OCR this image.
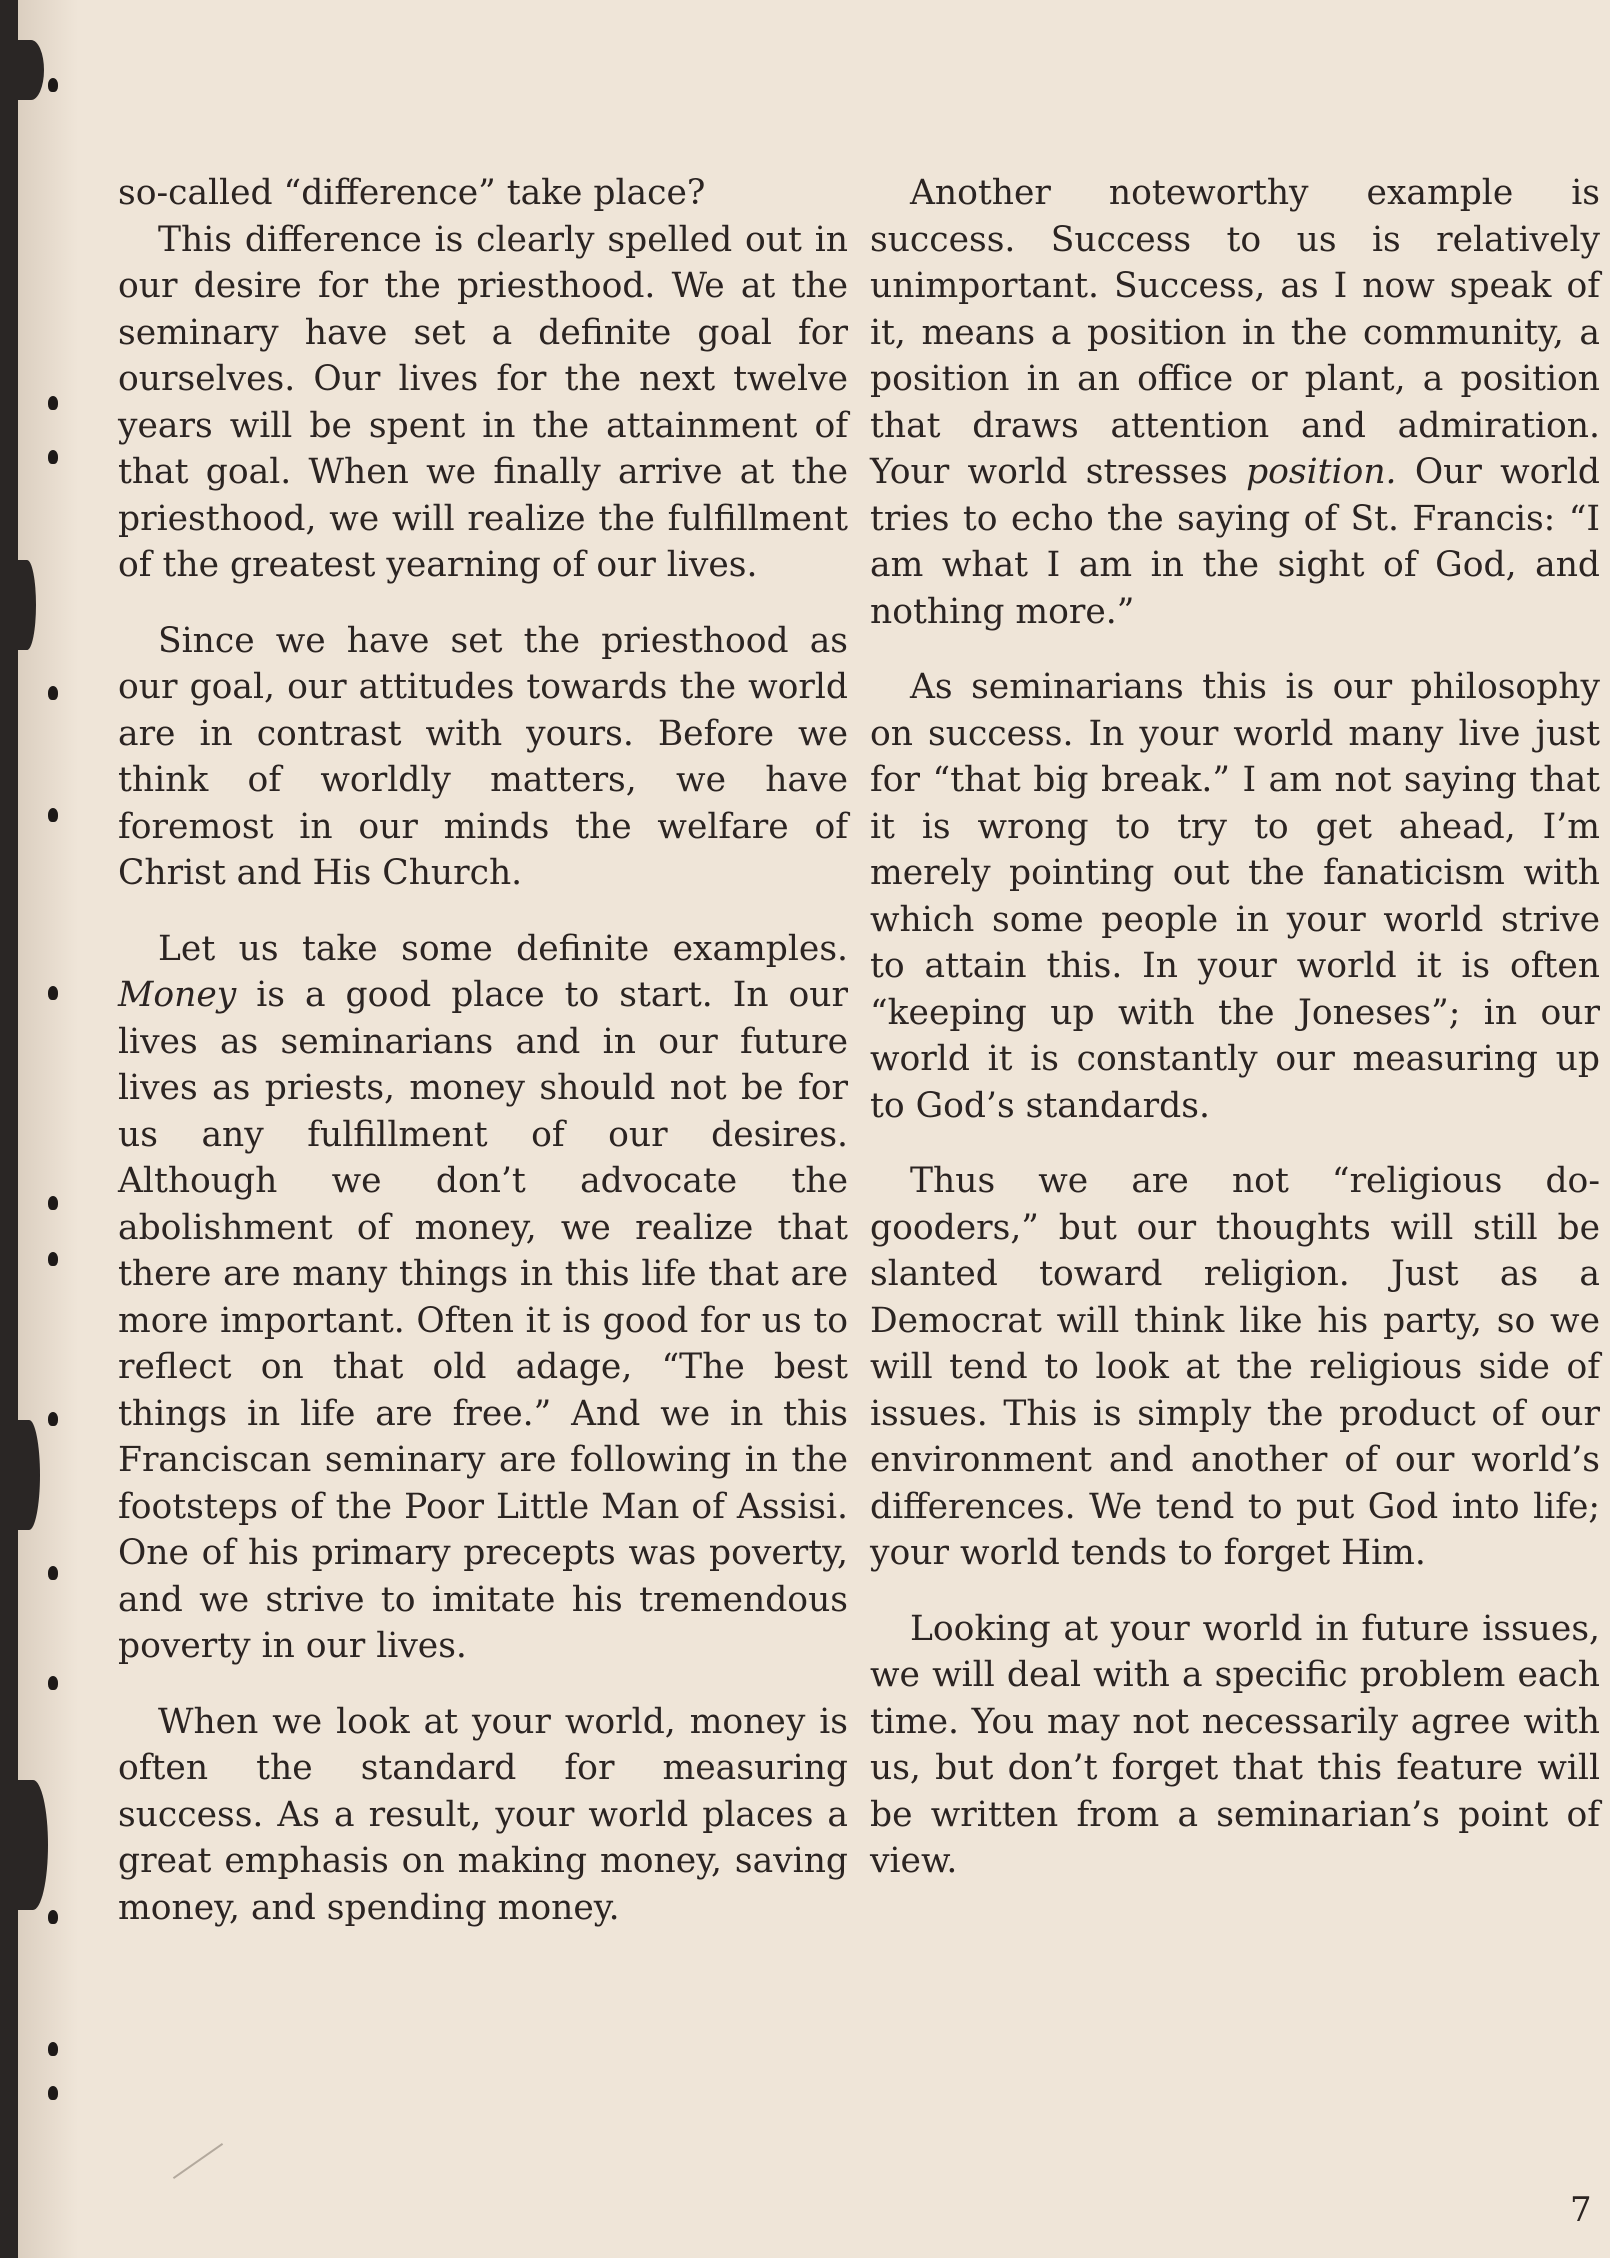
so-called “difference” take place?

This difference is clearly spelled out in our desire for the priesthood. We at the seminary have set a definite goal for ourselves. Our lives for the next twelve years will be spent in the attainment of that goal. When we finally arrive at the priesthood, we will realize the fulfillment of the greatest yearning of our lives.

Since we have set the priesthood as our goal, our attitudes towards the world are in contrast with yours. Before we think of worldly matters, we have foremost in our minds the welfare of Christ and His Church.

Let us take some definite examples. Money is a good place to start. In our lives as seminarians and in our future lives as priests, money should not be for us any fulfillment of our desires. Although we don’t advocate the abolishment of money, we realize that there are many things in this life that are more important. Often it is good for us to reflect on that old adage, “The best things in life are free.” And we in this Franciscan seminary are following in the footsteps of the Poor Little Man of Assisi. One of his primary precepts was poverty, and we strive to imitate his tremendous poverty in our lives.

When we look at your world, money is often the standard for measuring success. As a result, your world places a great emphasis on making money, saving money, and spending money.

Another noteworthy example is success. Success to us is relatively unimportant. Success, as I now speak of it, means a position in the community, a position in an office or plant, a position that draws attention and admiration. Your world stresses position. Our world tries to echo the saying of St. Francis: “I am what I am in the sight of God, and nothing more.”

As seminarians this is our philosophy on success. In your world many live just for “that big break.” I am not saying that it is wrong to try to get ahead, I’m merely pointing out the fanaticism with which some people in your world strive to attain this. In your world it is often “keeping up with the Joneses”; in our world it is constantly our measuring up to God’s standards.

Thus we are not “religious do-gooders,” but our thoughts will still be slanted toward religion. Just as a Democrat will think like his party, so we will tend to look at the religious side of issues. This is simply the product of our environment and another of our world’s differences. We tend to put God into life; your world tends to forget Him.

Looking at your world in future issues, we will deal with a specific problem each time. You may not necessarily agree with us, but don’t forget that this feature will be written from a seminarian’s point of view.

7
